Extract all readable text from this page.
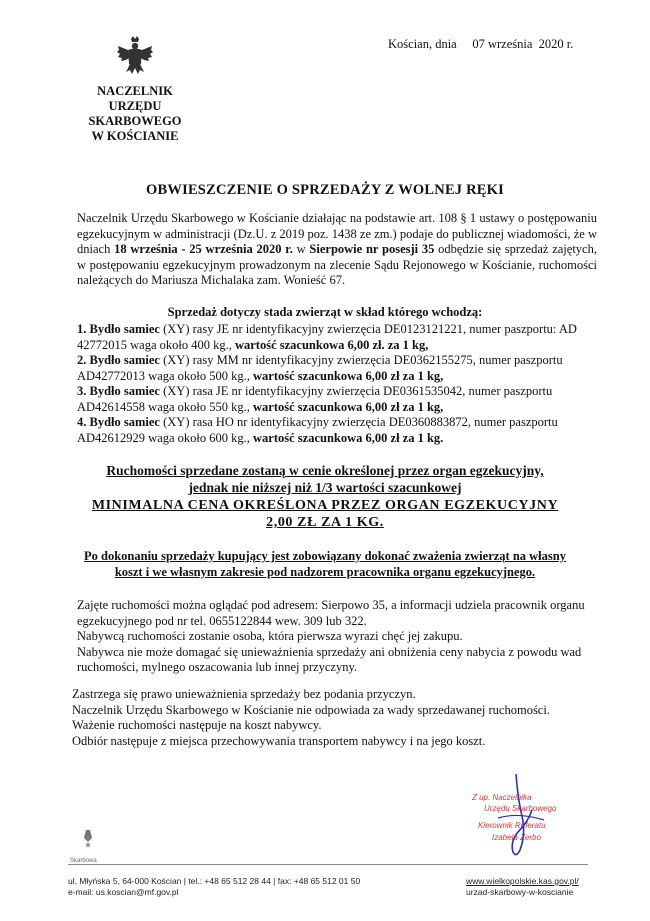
NACZELNIK
URZĘDU SKARBOWEGO
W KOŚCIANIE
Kościan, dnia     07 września  2020 r.
OBWIESZCZENIE O SPRZEDAŻY Z WOLNEJ RĘKI
Naczelnik Urzędu Skarbowego w Kościanie działając na podstawie art. 108 § 1 ustawy o postępowaniu egzekucyjnym w administracji (Dz.U. z 2019 poz. 1438 ze zm.) podaje do publicznej wiadomości, że w dniach 18 września - 25 września 2020 r. w Sierpowie nr posesji 35 odbędzie się sprzedaż zajętych, w postępowaniu egzekucyjnym prowadzonym na zlecenie Sądu Rejonowego w Kościanie, ruchomości należących do Mariusza Michalaka zam. Wonieść 67.
Sprzedaż dotyczy stada zwierząt w skład którego wchodzą:

1. Bydło samiec (XY) rasy JE nr identyfikacyjny zwierzęcia DE0123121221, numer paszportu: AD 42772015 waga około 400 kg., wartość szacunkowa 6,00 zł. za 1 kg,

2. Bydło samiec (XY) rasy MM nr identyfikacyjny zwierzęcia DE0362155275, numer paszportu AD42772013 waga około 500 kg., wartość szacunkowa 6,00 zł za 1 kg,

3. Bydło samiec (XY) rasa JE nr identyfikacyjny zwierzęcia DE0361535042, numer paszportu AD42614558 waga około 550 kg., wartość szacunkowa 6,00 zł za 1 kg,

4. Bydło samiec (XY) rasa HO nr identyfikacyjny zwierzęcia DE0360883872, numer paszportu AD42612929 waga około 600 kg., wartość szacunkowa 6,00 zł za 1 kg.

Ruchomości sprzedane zostaną w cenie określonej przez organ egzekucyjny,
jednak nie niższej niż 1/3 wartości szacunkowej
MINIMALNA CENA OKREŚLONA PRZEZ ORGAN EGZEKUCYJNY
2,00 ZŁ ZA 1 KG.
Po dokonaniu sprzedaży kupujący jest zobowiązany dokonać zważenia zwierząt na własny
koszt i we własnym zakresie pod nadzorem pracownika organu egzekucyjnego.
Zajęte ruchomości można oglądać pod adresem: Sierpowo 35, a informacji udziela pracownik organu egzekucyjnego pod nr tel. 0655122844 wew. 309 lub 322.
Nabywcą ruchomości zostanie osoba, która pierwsza wyrazi chęć jej zakupu.
Nabywca nie może domagać się unieważnienia sprzedaży ani obniżenia ceny nabycia z powodu wad ruchomości, mylnego oszacowania lub innej przyczyny.
Zastrzega się prawo unieważnienia sprzedaży bez podania przyczyn.
Naczelnik Urzędu Skarbowego w Kościanie nie odpowiada za wady sprzedawanej ruchomości.
Ważenie ruchomości następuje na koszt nabywcy.
Odbiór następuje z miejsca przechowywania transportem nabywcy i na jego koszt.
Z up. Naczelnika
Urzędu Skarbowego
Kierownik Referatu
Izabela Zerbo
Skarbowa
ul. Młyńska 5, 64-000 Kościan | tel.: +48 65 512 28 44 | fax: +48 65 512 01 50
e-mail: us.koscian@mf.gov.pl
www.wielkopolskie.kas.gov.pl/
urzad-skarbowy-w-koscianie
